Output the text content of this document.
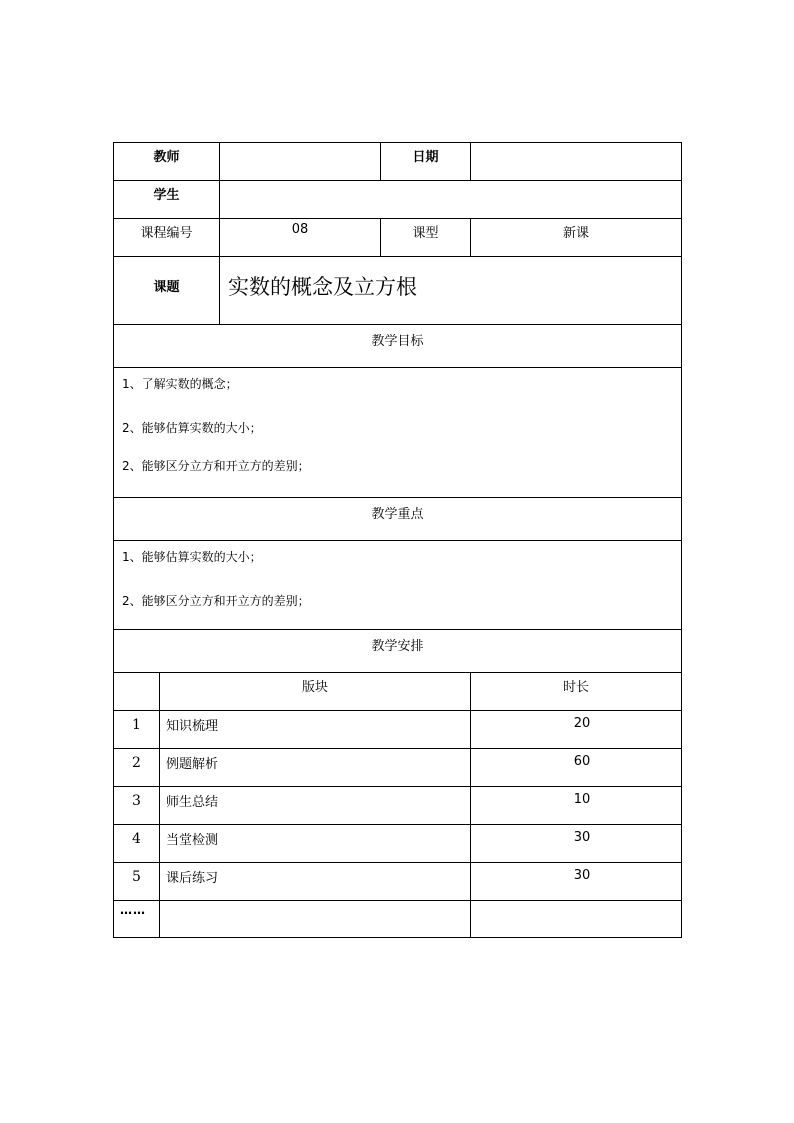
教师			日期	
学生				
课程编号		08	课型	新课
课题		实数的概念及立方根		
教学目标				

1、了解实数的概念；

2、能够估算实数的大小；

2、能够区分立方和开立方的差别；				

教学重点				

1、能够估算实数的大小；

2、能够区分立方和开立方的差别；				

教学安排				
	版块			时长
1	知识梳理			20
2	例题解析			60
3	师生总结			10
4	当堂检测			30
5	课后练习			30
……				
